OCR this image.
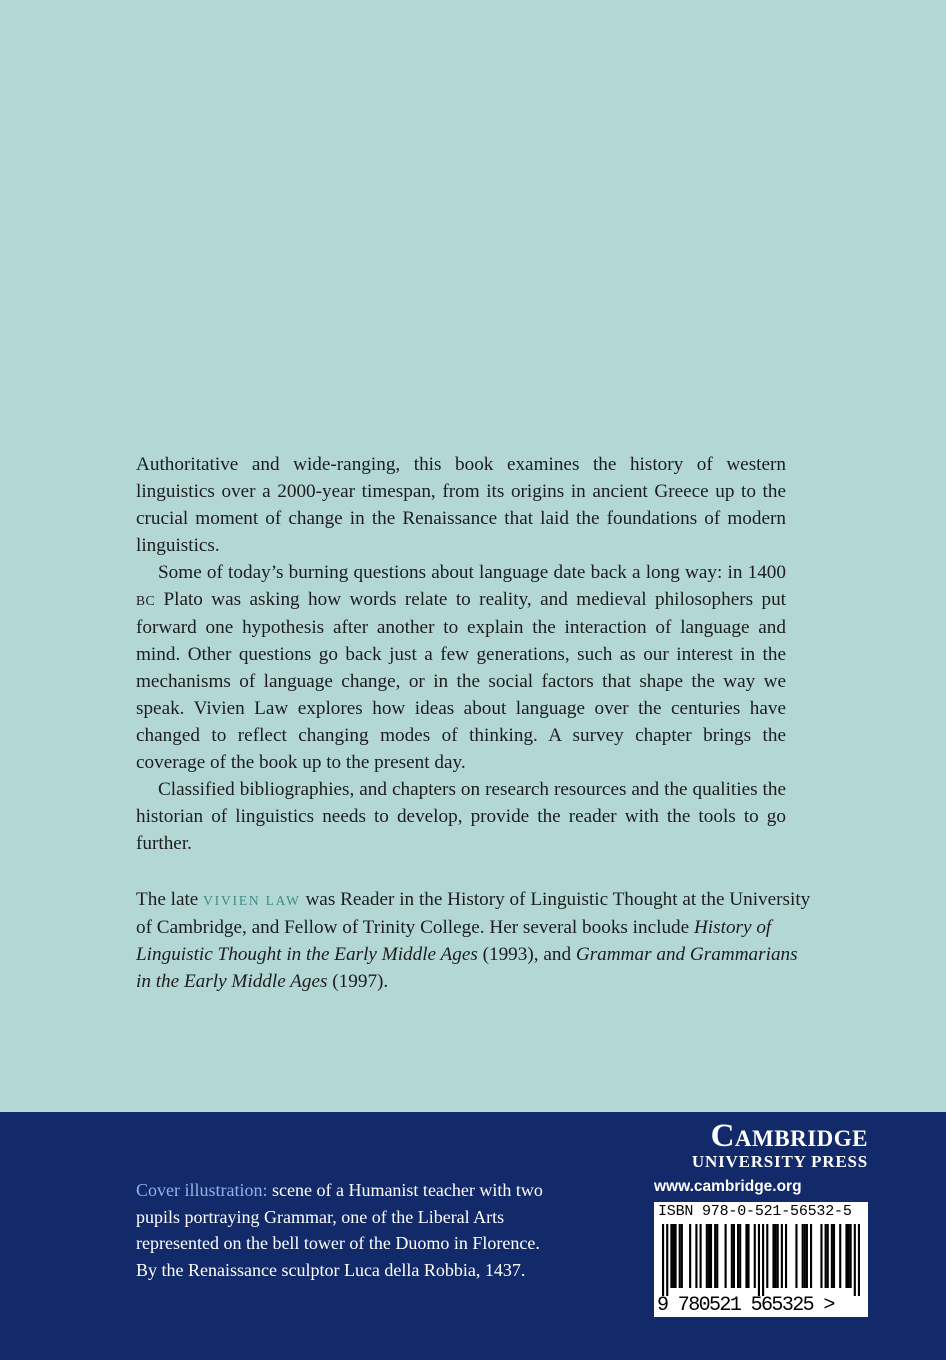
Authoritative and wide-ranging, this book examines the history of western linguistics over a 2000-year timespan, from its origins in ancient Greece up to the crucial moment of change in the Renaissance that laid the foundations of modern linguistics.

Some of today’s burning questions about language date back a long way: in 1400 BC Plato was asking how words relate to reality, and medieval philosophers put forward one hypothesis after another to explain the interaction of language and mind. Other questions go back just a few generations, such as our interest in the mechanisms of language change, or in the social factors that shape the way we speak. Vivien Law explores how ideas about language over the centuries have changed to reflect changing modes of thinking. A survey chapter brings the coverage of the book up to the present day.

Classified bibliographies, and chapters on research resources and the qualities the historian of linguistics needs to develop, provide the reader with the tools to go further.

The late VIVIEN LAW was Reader in the History of Linguistic Thought at the University of Cambridge, and Fellow of Trinity College. Her several books include History of Linguistic Thought in the Early Middle Ages (1993), and Grammar and Grammarians in the Early Middle Ages (1997).

Cover illustration: scene of a Humanist teacher with two pupils portraying Grammar, one of the Liberal Arts represented on the bell tower of the Duomo in Florence. By the Renaissance sculptor Luca della Robbia, 1437.
Cambridge
UNIVERSITY PRESS
www.cambridge.org
ISBN 978-0-521-56532-5
9 780521 565325 >
